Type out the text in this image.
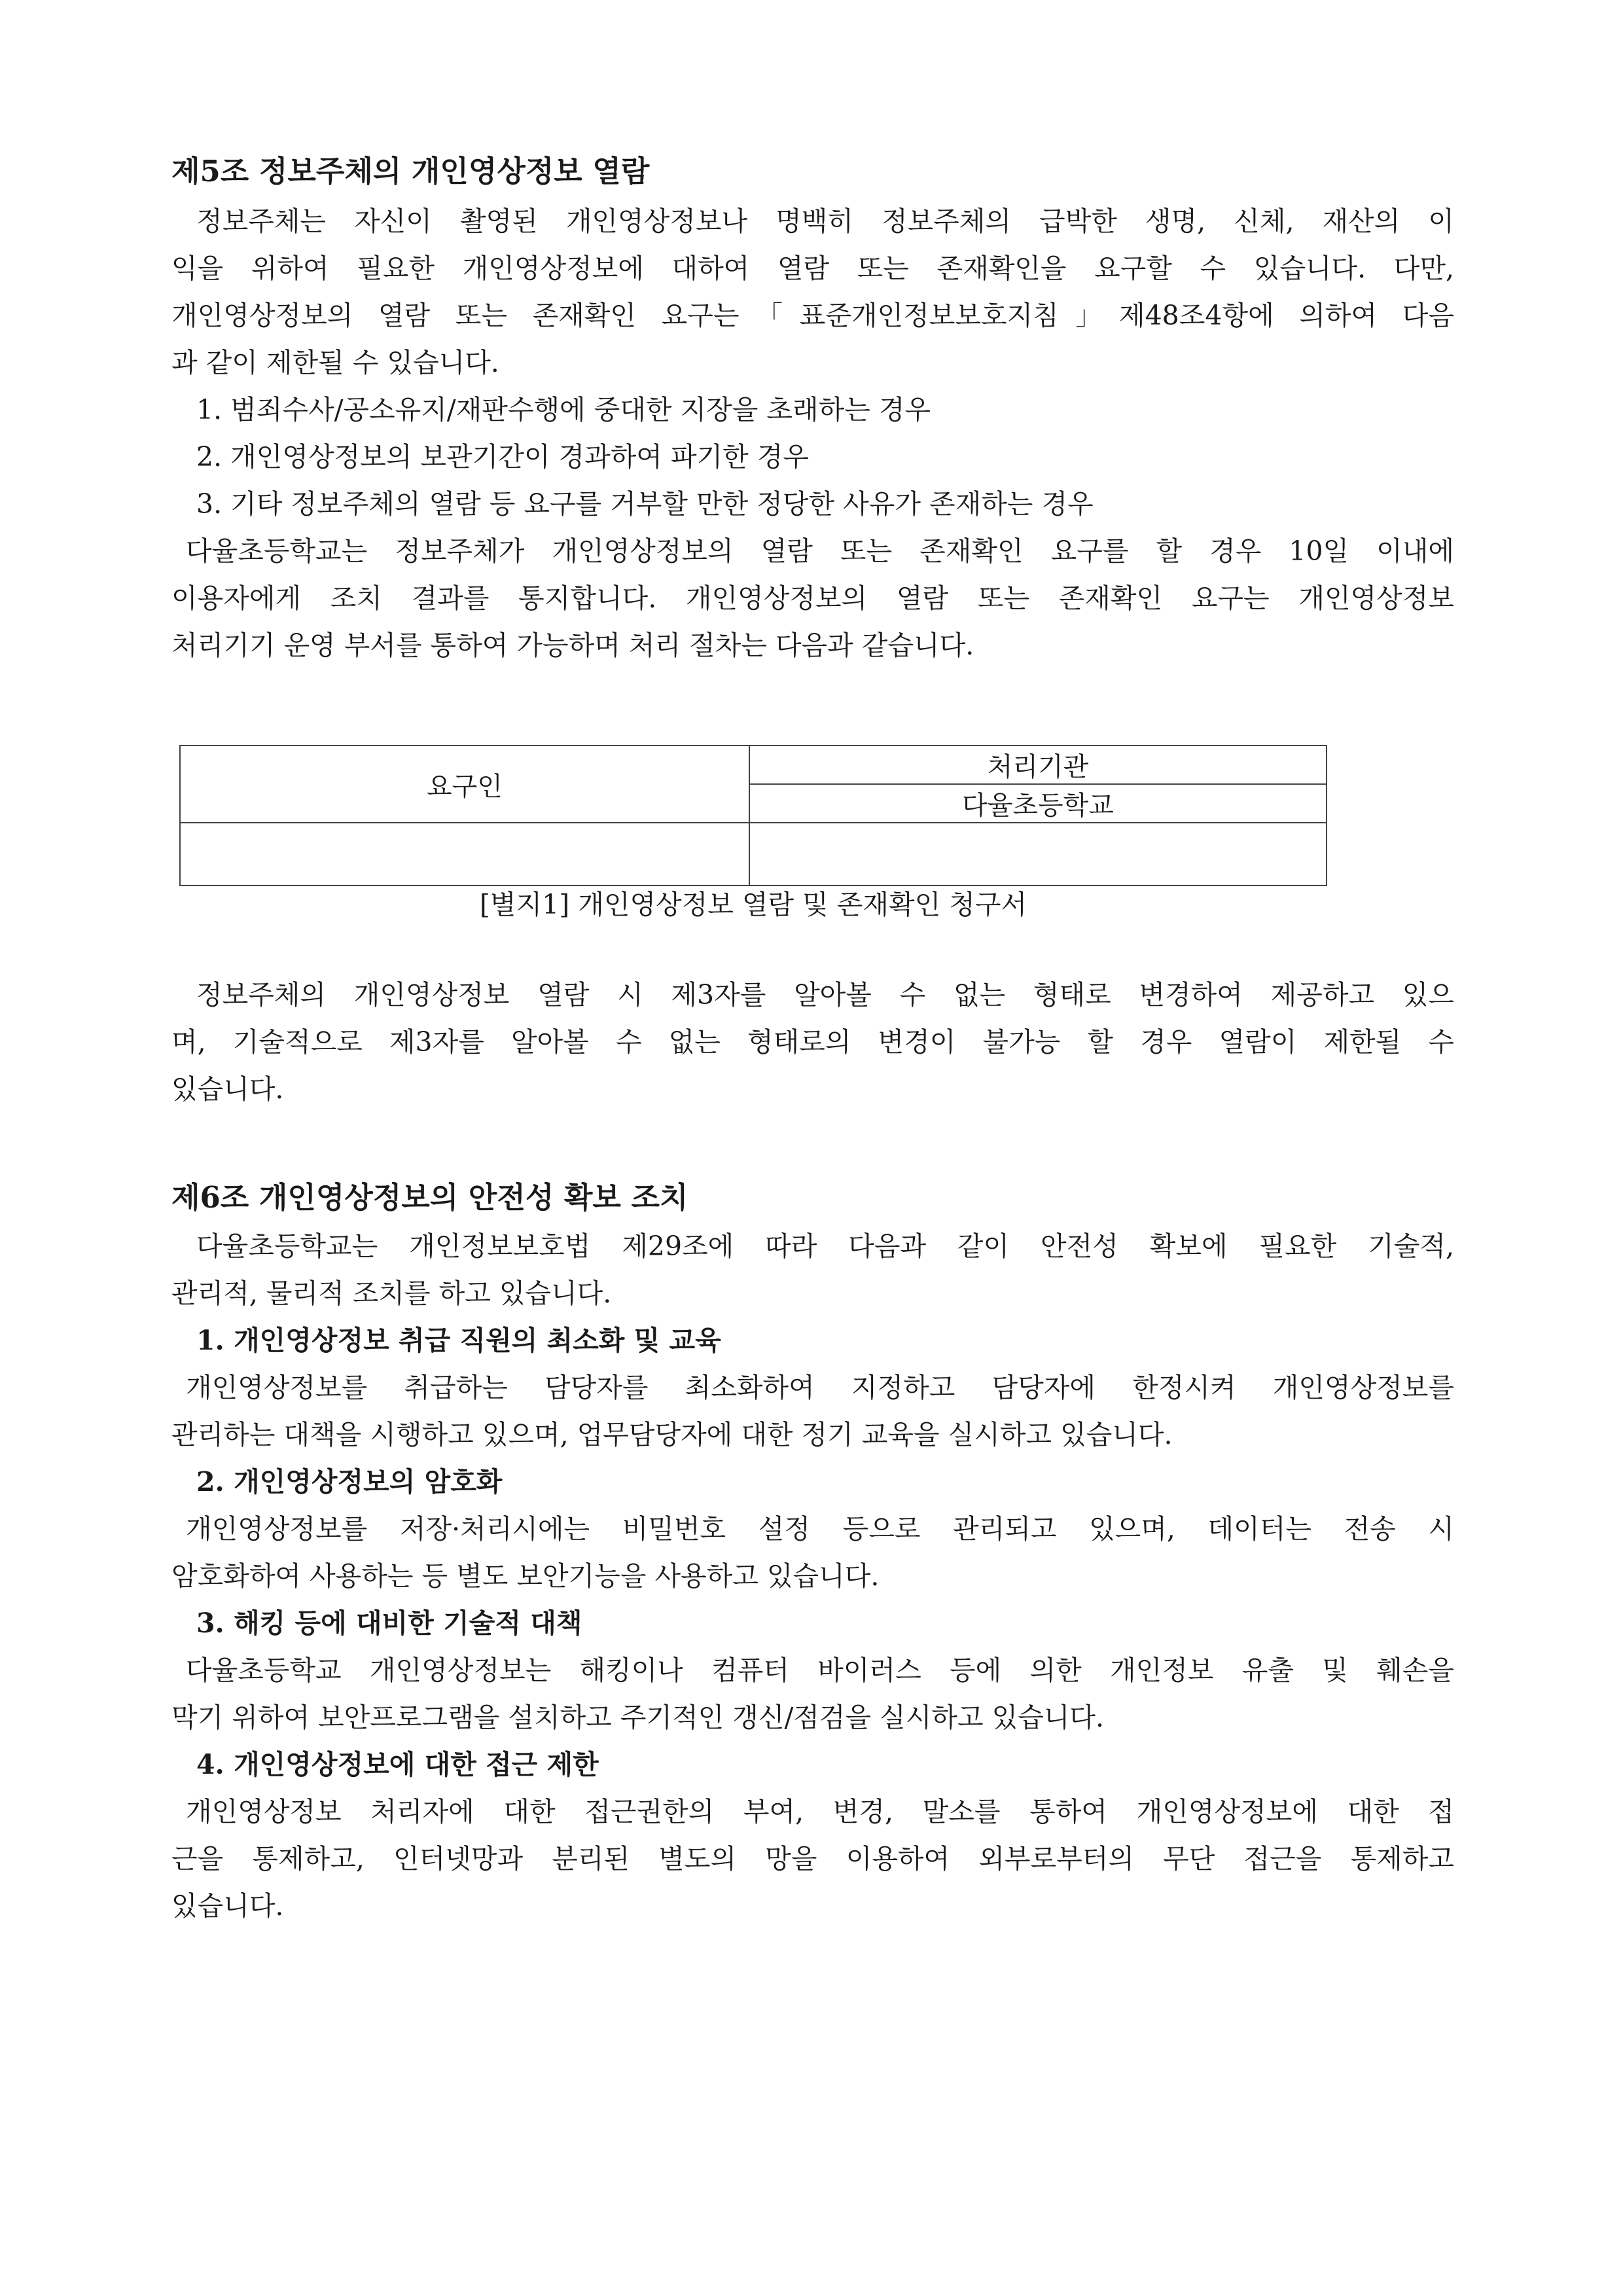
제5조 정보주체의 개인영상정보 열람
정보주체는 자신이 촬영된 개인영상정보나 명백히 정보주체의 급박한 생명, 신체, 재산의 이
익을 위하여 필요한 개인영상정보에 대하여 열람 또는 존재확인을 요구할 수 있습니다. 다만,
개인영상정보의 열람 또는 존재확인 요구는「표준개인정보보호지침」제48조4항에 의하여 다음
과 같이 제한될 수 있습니다.
1. 범죄수사/공소유지/재판수행에 중대한 지장을 초래하는 경우
2. 개인영상정보의 보관기간이 경과하여 파기한 경우
3. 기타 정보주체의 열람 등 요구를 거부할 만한 정당한 사유가 존재하는 경우
다율초등학교는 정보주체가 개인영상정보의 열람 또는 존재확인 요구를 할 경우 10일 이내에
이용자에게 조치 결과를 통지합니다. 개인영상정보의 열람 또는 존재확인 요구는 개인영상정보
처리기기 운영 부서를 통하여 가능하며 처리 절차는 다음과 같습니다.
요구인	처리기관
	다율초등학교

[별지1] 개인영상정보 열람 및 존재확인 청구서
정보주체의 개인영상정보 열람 시 제3자를 알아볼 수 없는 형태로 변경하여 제공하고 있으
며, 기술적으로 제3자를 알아볼 수 없는 형태로의 변경이 불가능 할 경우 열람이 제한될 수
있습니다.
제6조 개인영상정보의 안전성 확보 조치
다율초등학교는 개인정보보호법 제29조에 따라 다음과 같이 안전성 확보에 필요한 기술적,
관리적, 물리적 조치를 하고 있습니다.
1. 개인영상정보 취급 직원의 최소화 및 교육
개인영상정보를 취급하는 담당자를 최소화하여 지정하고 담당자에 한정시켜 개인영상정보를
관리하는 대책을 시행하고 있으며, 업무담당자에 대한 정기 교육을 실시하고 있습니다.
2. 개인영상정보의 암호화
개인영상정보를 저장·처리시에는 비밀번호 설정 등으로 관리되고 있으며, 데이터는 전송 시
암호화하여 사용하는 등 별도 보안기능을 사용하고 있습니다.
3. 해킹 등에 대비한 기술적 대책
다율초등학교 개인영상정보는 해킹이나 컴퓨터 바이러스 등에 의한 개인정보 유출 및 훼손을
막기 위하여 보안프로그램을 설치하고 주기적인 갱신/점검을 실시하고 있습니다.
4. 개인영상정보에 대한 접근 제한
개인영상정보 처리자에 대한 접근권한의 부여, 변경, 말소를 통하여 개인영상정보에 대한 접
근을 통제하고, 인터넷망과 분리된 별도의 망을 이용하여 외부로부터의 무단 접근을 통제하고
있습니다.
